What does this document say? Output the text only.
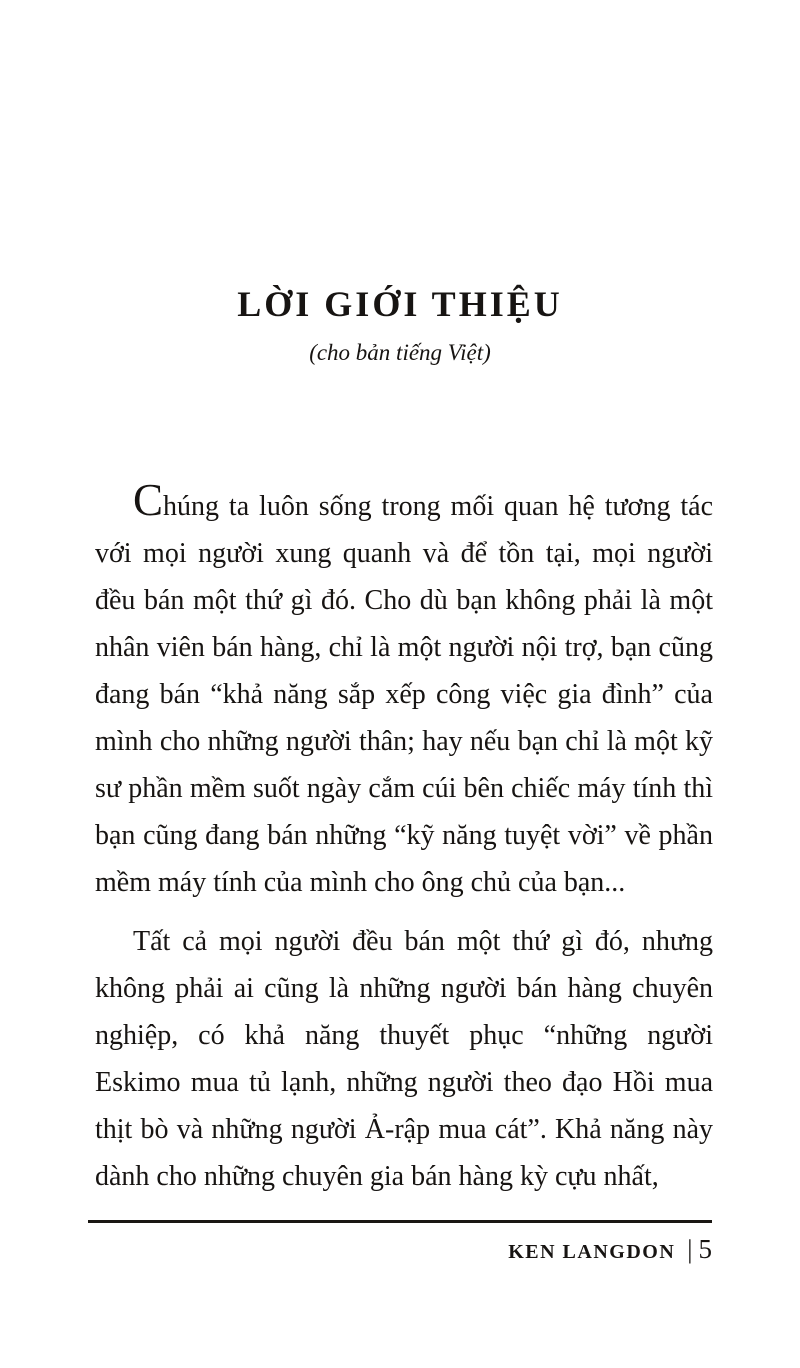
LỜI GIỚI THIỆU
(cho bản tiếng Việt)

Chúng ta luôn sống trong mối quan hệ tương tác với mọi người xung quanh và để tồn tại, mọi người đều bán một thứ gì đó. Cho dù bạn không phải là một nhân viên bán hàng, chỉ là một người nội trợ, bạn cũng đang bán “khả năng sắp xếp công việc gia đình” của mình cho những người thân; hay nếu bạn chỉ là một kỹ sư phần mềm suốt ngày cắm cúi bên chiếc máy tính thì bạn cũng đang bán những “kỹ năng tuyệt vời” về phần mềm máy tính của mình cho ông chủ của bạn...

Tất cả mọi người đều bán một thứ gì đó, nhưng không phải ai cũng là những người bán hàng chuyên nghiệp, có khả năng thuyết phục “những người Eskimo mua tủ lạnh, những người theo đạo Hồi mua thịt bò và những người Ả-rập mua cát”. Khả năng này dành cho những chuyên gia bán hàng kỳ cựu nhất,

KEN LANGDON | 5
